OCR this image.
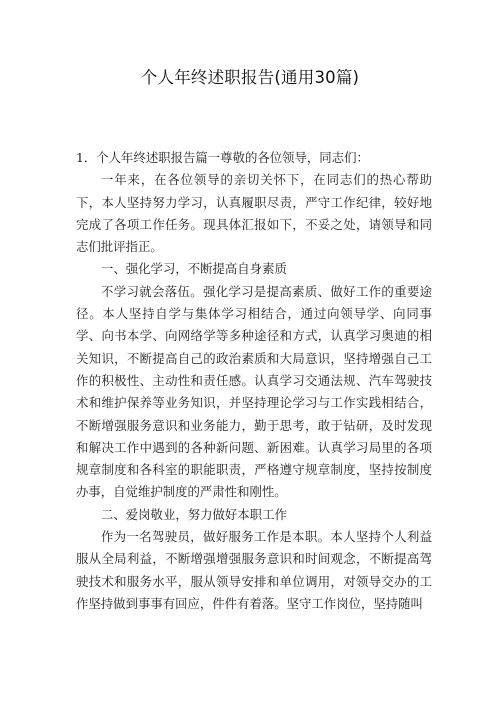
个人年终述职报告(通用30篇)

1．个人年终述职报告篇一尊敬的各位领导，同志们：

一年来，在各位领导的亲切关怀下，在同志们的热心帮助下，本人坚持努力学习，认真履职尽责，严守工作纪律，较好地完成了各项工作任务。现具体汇报如下，不妥之处，请领导和同志们批评指正。

一、强化学习，不断提高自身素质

不学习就会落伍。强化学习是提高素质、做好工作的重要途径。本人坚持自学与集体学习相结合，通过向领导学、向同事学、向书本学、向网络学等多种途径和方式，认真学习奥迪的相关知识，不断提高自己的政治素质和大局意识，坚持增强自己工作的积极性、主动性和责任感。认真学习交通法规、汽车驾驶技术和维护保养等业务知识，并坚持理论学习与工作实践相结合，不断增强服务意识和业务能力，勤于思考，敢于钻研，及时发现和解决工作中遇到的各种新问题、新困难。认真学习局里的各项规章制度和各科室的职能职责，严格遵守规章制度，坚持按制度办事，自觉维护制度的严肃性和刚性。

二、爱岗敬业，努力做好本职工作

作为一名驾驶员，做好服务工作是本职。本人坚持个人利益服从全局利益，不断增强增强服务意识和时间观念，不断提高驾驶技术和服务水平，服从领导安排和单位调用，对领导交办的工作坚持做到事事有回应，件件有着落。坚守工作岗位，坚持随叫
